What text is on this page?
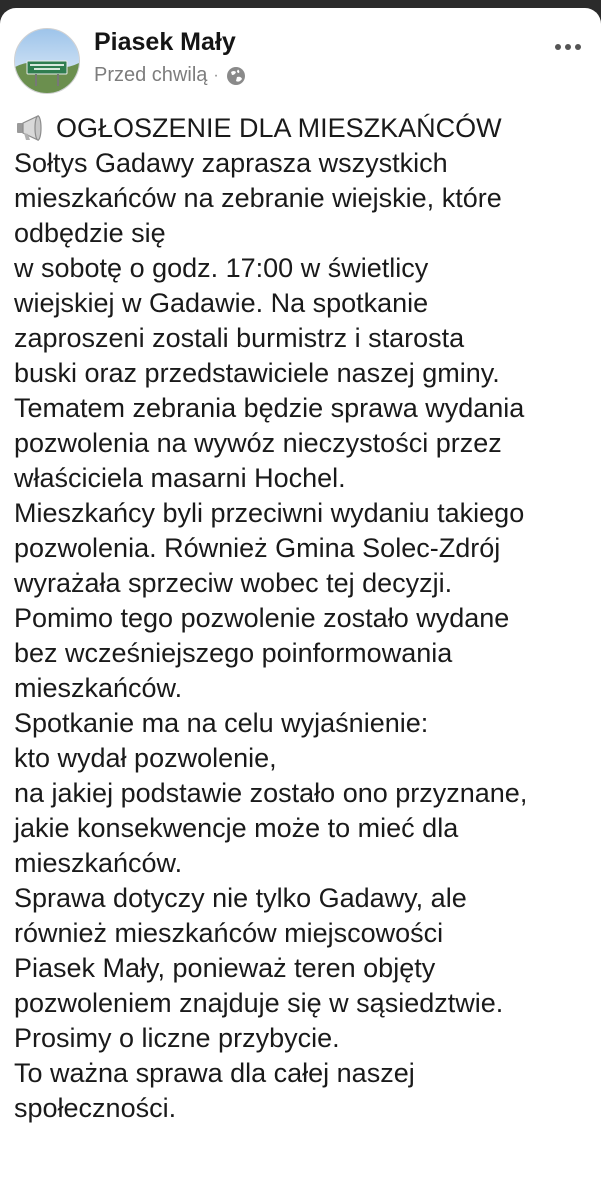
Piasek Mały
Przed chwilą ·
OGŁOSZENIE DLA MIESZKAŃCÓW
Sołtys Gadawy zaprasza wszystkich
mieszkańców na zebranie wiejskie, które
odbędzie się
w sobotę o godz. 17:00 w świetlicy
wiejskiej w Gadawie. Na spotkanie
zaproszeni zostali burmistrz i starosta
buski oraz przedstawiciele naszej gminy.
Tematem zebrania będzie sprawa wydania
pozwolenia na wywóz nieczystości przez
właściciela masarni Hochel.
Mieszkańcy byli przeciwni wydaniu takiego
pozwolenia. Również Gmina Solec-Zdrój
wyrażała sprzeciw wobec tej decyzji.
Pomimo tego pozwolenie zostało wydane
bez wcześniejszego poinformowania
mieszkańców.
Spotkanie ma na celu wyjaśnienie:
kto wydał pozwolenie,
na jakiej podstawie zostało ono przyznane,
jakie konsekwencje może to mieć dla
mieszkańców.
Sprawa dotyczy nie tylko Gadawy, ale
również mieszkańców miejscowości
Piasek Mały, ponieważ teren objęty
pozwoleniem znajduje się w sąsiedztwie.
Prosimy o liczne przybycie.
To ważna sprawa dla całej naszej
społeczności.
